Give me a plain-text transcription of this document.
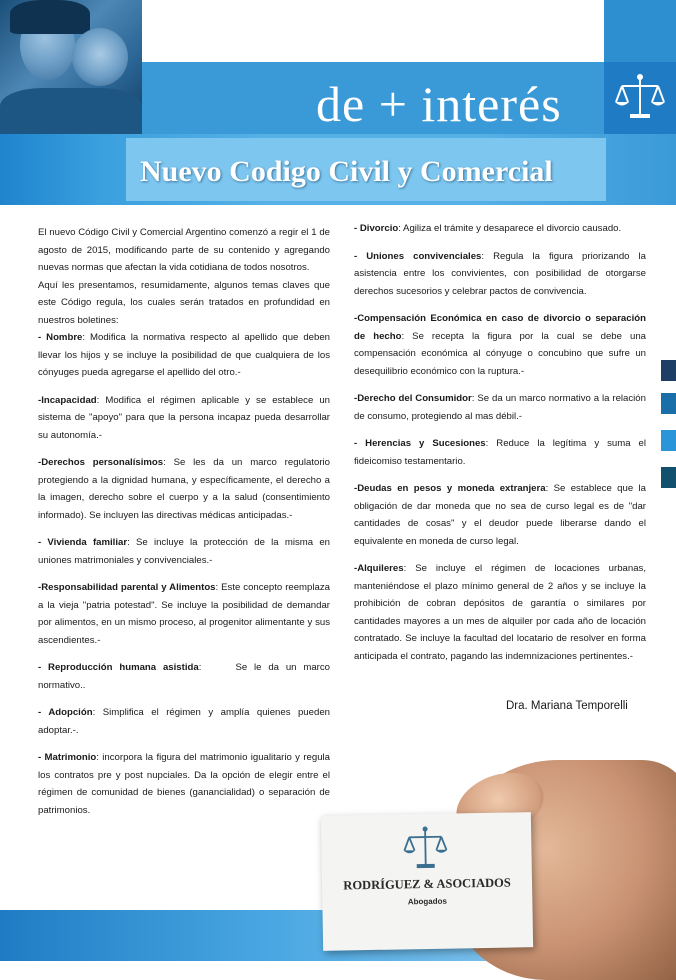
de + interés
Nuevo Codigo Civil y Comercial

El nuevo Código Civil y Comercial Argentino comenzó a regir el 1 de agosto de 2015, modificando parte de su contenido y agregando nuevas normas que afectan la vida cotidiana de todos nosotros.

Aquí les presentamos, resumidamente, algunos temas claves que este Código regula, los cuales serán tratados en profundidad en nuestros boletines:

- Nombre: Modifica la normativa respecto al apellido que deben llevar los hijos y se incluye la posibilidad de que cualquiera de los cónyuges pueda agregarse el apellido del otro.-

-Incapacidad: Modifica el régimen aplicable y se establece un sistema de "apoyo" para que la persona incapaz pueda desarrollar su autonomía.-

-Derechos personalísimos: Se les da un marco regulatorio protegiendo a la dignidad humana, y específicamente, el derecho a la imagen, derecho sobre el cuerpo y a la salud (consentimiento informado). Se incluyen las directivas médicas anticipadas.-

- Vivienda familiar: Se incluye la protección de la misma en uniones matrimoniales y convivenciales.-

-Responsabilidad parental y Alimentos: Este concepto reemplaza a la vieja "patria potestad". Se incluye la posibilidad de demandar por alimentos, en un mismo proceso, al progenitor alimentante y sus ascendientes.-

- Reproducción humana asistida:     Se le da un marco normativo..

- Adopción: Simplifica el régimen y amplía quienes pueden adoptar.-.

- Matrimonio: incorpora la figura del matrimonio igualitario y regula los contratos pre y post nupciales. Da la opción de elegir entre el régimen de comunidad de bienes (ganancialidad) o separación de patrimonios.

- Divorcio: Agiliza el trámite y desaparece el divorcio causado.

- Uniones convivenciales: Regula la figura priorizando la asistencia entre los convivientes, con posibilidad de otorgarse derechos sucesorios y celebrar pactos de convivencia.

-Compensación Económica en caso de divorcio o separación de hecho: Se recepta la figura por la cual se debe una compensación económica al cónyuge o concubino que sufre un desequilibrio económico con la ruptura.-

-Derecho del Consumidor: Se da un marco normativo a la relación de consumo, protegiendo al mas débil.-

- Herencias y Sucesiones: Reduce la legítima y suma el fideicomiso testamentario.

-Deudas en pesos y moneda extranjera: Se establece que la obligación de dar moneda que no sea de curso legal es de "dar cantidades de cosas" y el deudor puede liberarse dando el equivalente en moneda de curso legal.

-Alquileres: Se incluye el régimen de locaciones urbanas, manteniéndose el plazo mínimo general de 2 años y se incluye la prohibición de cobran depósitos de garantía o similares por cantidades mayores a un mes de alquiler por cada año de locación contratado. Se incluye la facultad del locatario de resolver en forma anticipada el contrato, pagando las indemnizaciones pertinentes.-

Dra. Mariana Temporelli
RODRÍGUEZ & ASOCIADOS
Abogados
